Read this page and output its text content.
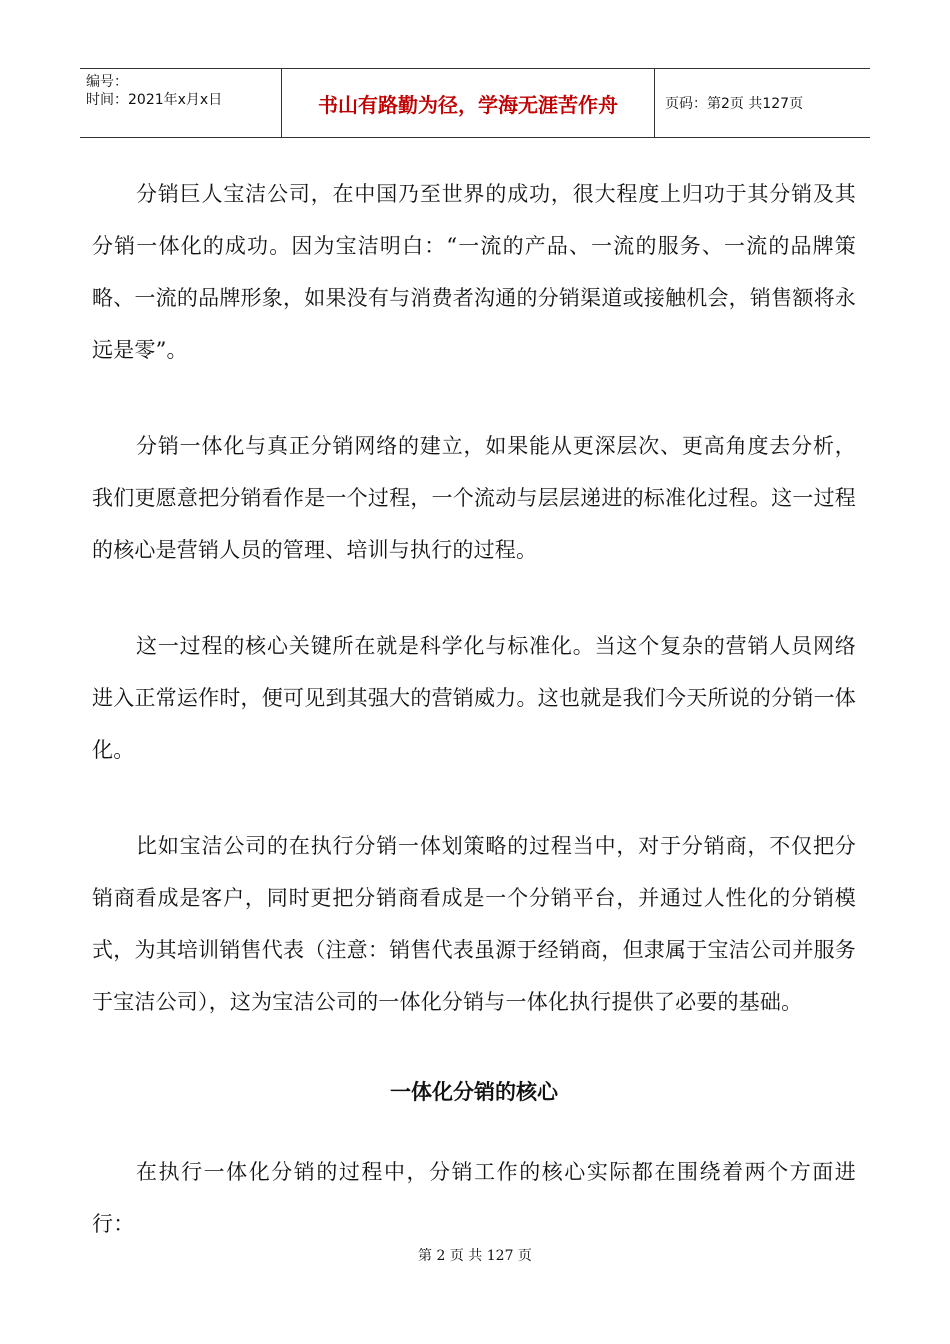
编号：
时间：2021年x月x日	书山有路勤为径，学海无涯苦作舟	页码：第2页 共127页

分销巨人宝洁公司，在中国乃至世界的成功，很大程度上归功于其分销及其分销一体化的成功。因为宝洁明白：“一流的产品、一流的服务、一流的品牌策略、一流的品牌形象，如果没有与消费者沟通的分销渠道或接触机会，销售额将永远是零”。

分销一体化与真正分销网络的建立，如果能从更深层次、更高角度去分析，我们更愿意把分销看作是一个过程，一个流动与层层递进的标准化过程。这一过程的核心是营销人员的管理、培训与执行的过程。

这一过程的核心关键所在就是科学化与标准化。当这个复杂的营销人员网络进入正常运作时，便可见到其强大的营销威力。这也就是我们今天所说的分销一体化。

比如宝洁公司的在执行分销一体划策略的过程当中，对于分销商，不仅把分销商看成是客户，同时更把分销商看成是一个分销平台，并通过人性化的分销模式，为其培训销售代表（注意：销售代表虽源于经销商，但隶属于宝洁公司并服务于宝洁公司），这为宝洁公司的一体化分销与一体化执行提供了必要的基础。

一体化分销的核心

在执行一体化分销的过程中，分销工作的核心实际都在围绕着两个方面进行：

第 2 页 共 127 页
